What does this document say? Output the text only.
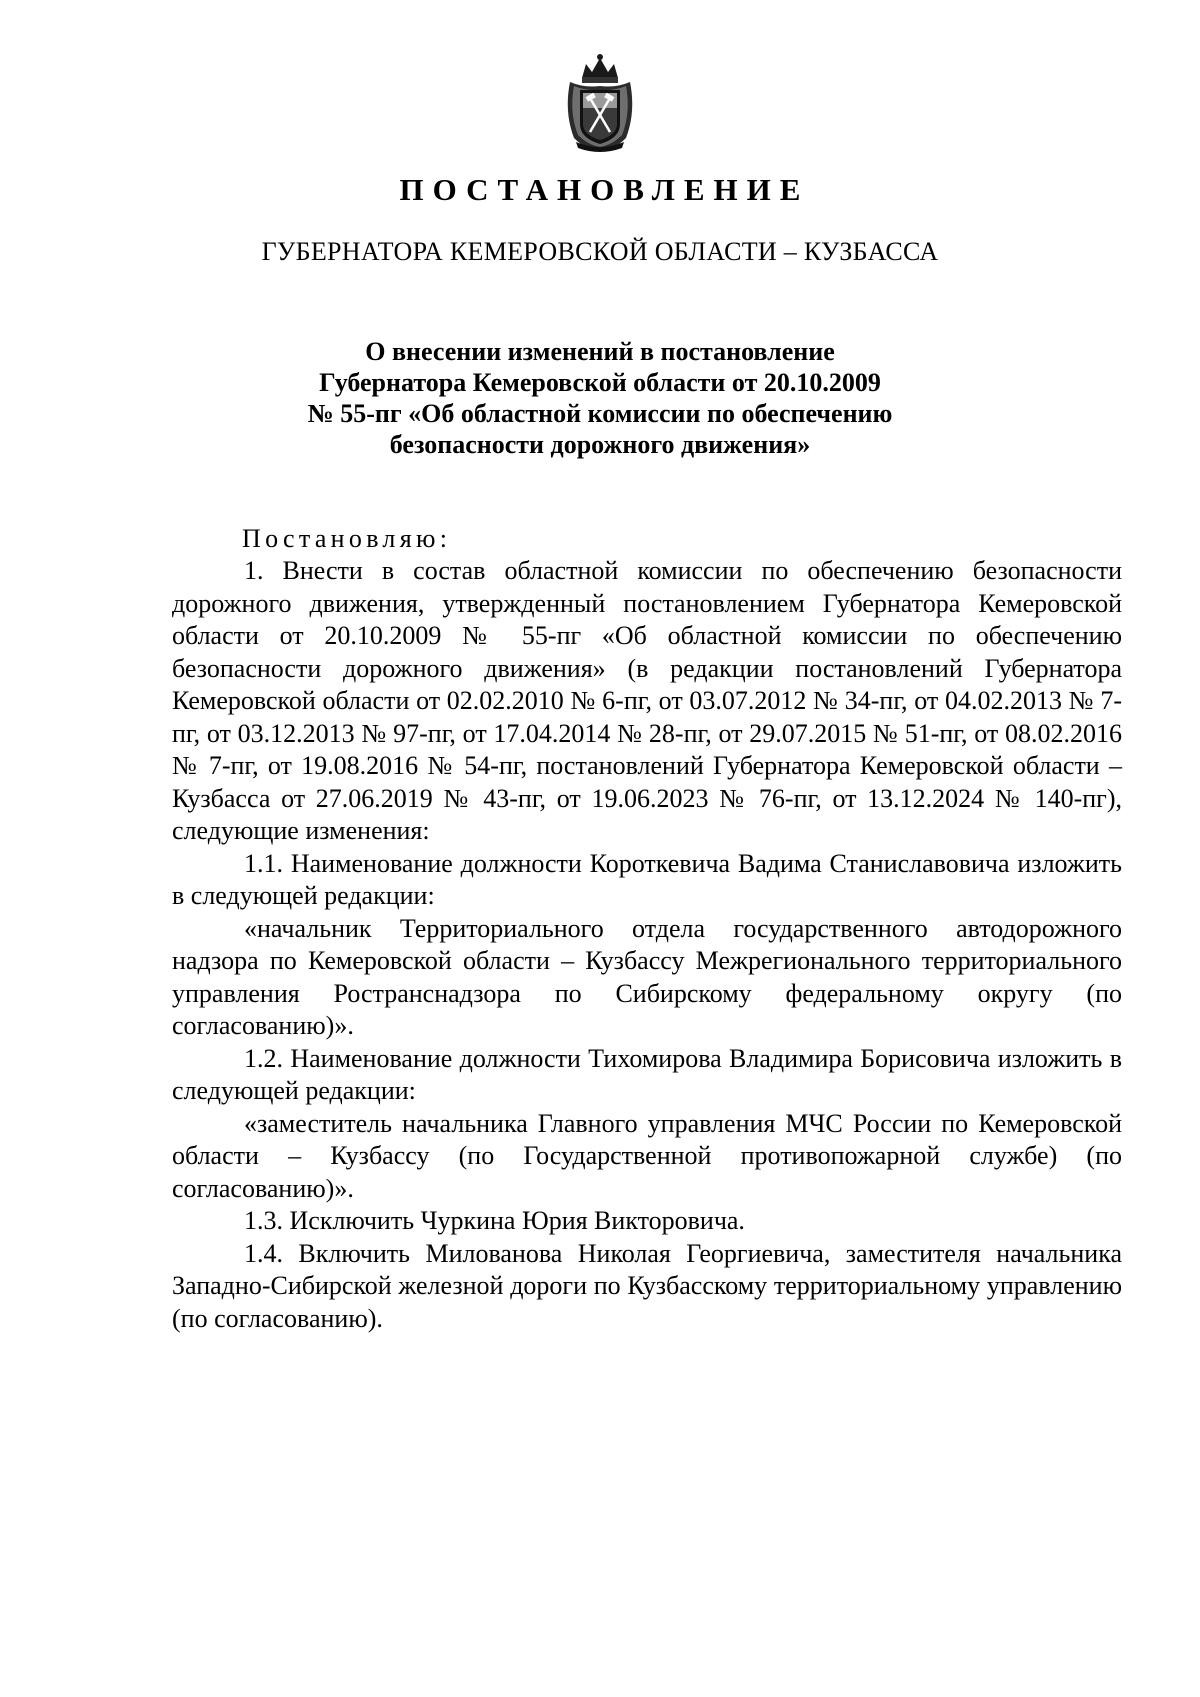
ПОСТАНОВЛЕНИЕ
ГУБЕРНАТОРА КЕМЕРОВСКОЙ ОБЛАСТИ – КУЗБАССА
О внесении изменений в постановление
Губернатора Кемеровской области от 20.10.2009
№ 55-пг «Об областной комиссии по обеспечению
безопасности дорожного движения»
Постановляю:

1. Внести в состав областной комиссии по обеспечению безопасности дорожного движения, утвержденный постановлением Губернатора Кемеровской области от 20.10.2009 № 55-пг «Об областной комиссии по обеспечению безопасности дорожного движения» (в редакции постановлений Губернатора Кемеровской области от 02.02.2010 № 6-пг, от 03.07.2012 № 34-пг, от 04.02.2013 № 7-пг, от 03.12.2013 № 97-пг, от 17.04.2014 № 28-пг, от 29.07.2015 № 51-пг, от 08.02.2016 № 7-пг, от 19.08.2016 № 54-пг, постановлений Губернатора Кемеровской области – Кузбасса от 27.06.2019 № 43-пг, от 19.06.2023 № 76-пг, от 13.12.2024 № 140-пг), следующие изменения:

1.1. Наименование должности Короткевича Вадима Станиславовича изложить в следующей редакции:

«начальник Территориального отдела государственного автодорожного надзора по Кемеровской области – Кузбассу Межрегионального территориального управления Ространснадзора по Сибирскому федеральному округу (по согласованию)».

1.2. Наименование должности Тихомирова Владимира Борисовича изложить в следующей редакции:

«заместитель начальника Главного управления МЧС России по Кемеровской области – Кузбассу (по Государственной противопожарной службе) (по согласованию)».

1.3. Исключить Чуркина Юрия Викторовича.

1.4. Включить Милованова Николая Георгиевича, заместителя начальника Западно-Сибирской железной дороги по Кузбасскому территориальному управлению (по согласованию).
